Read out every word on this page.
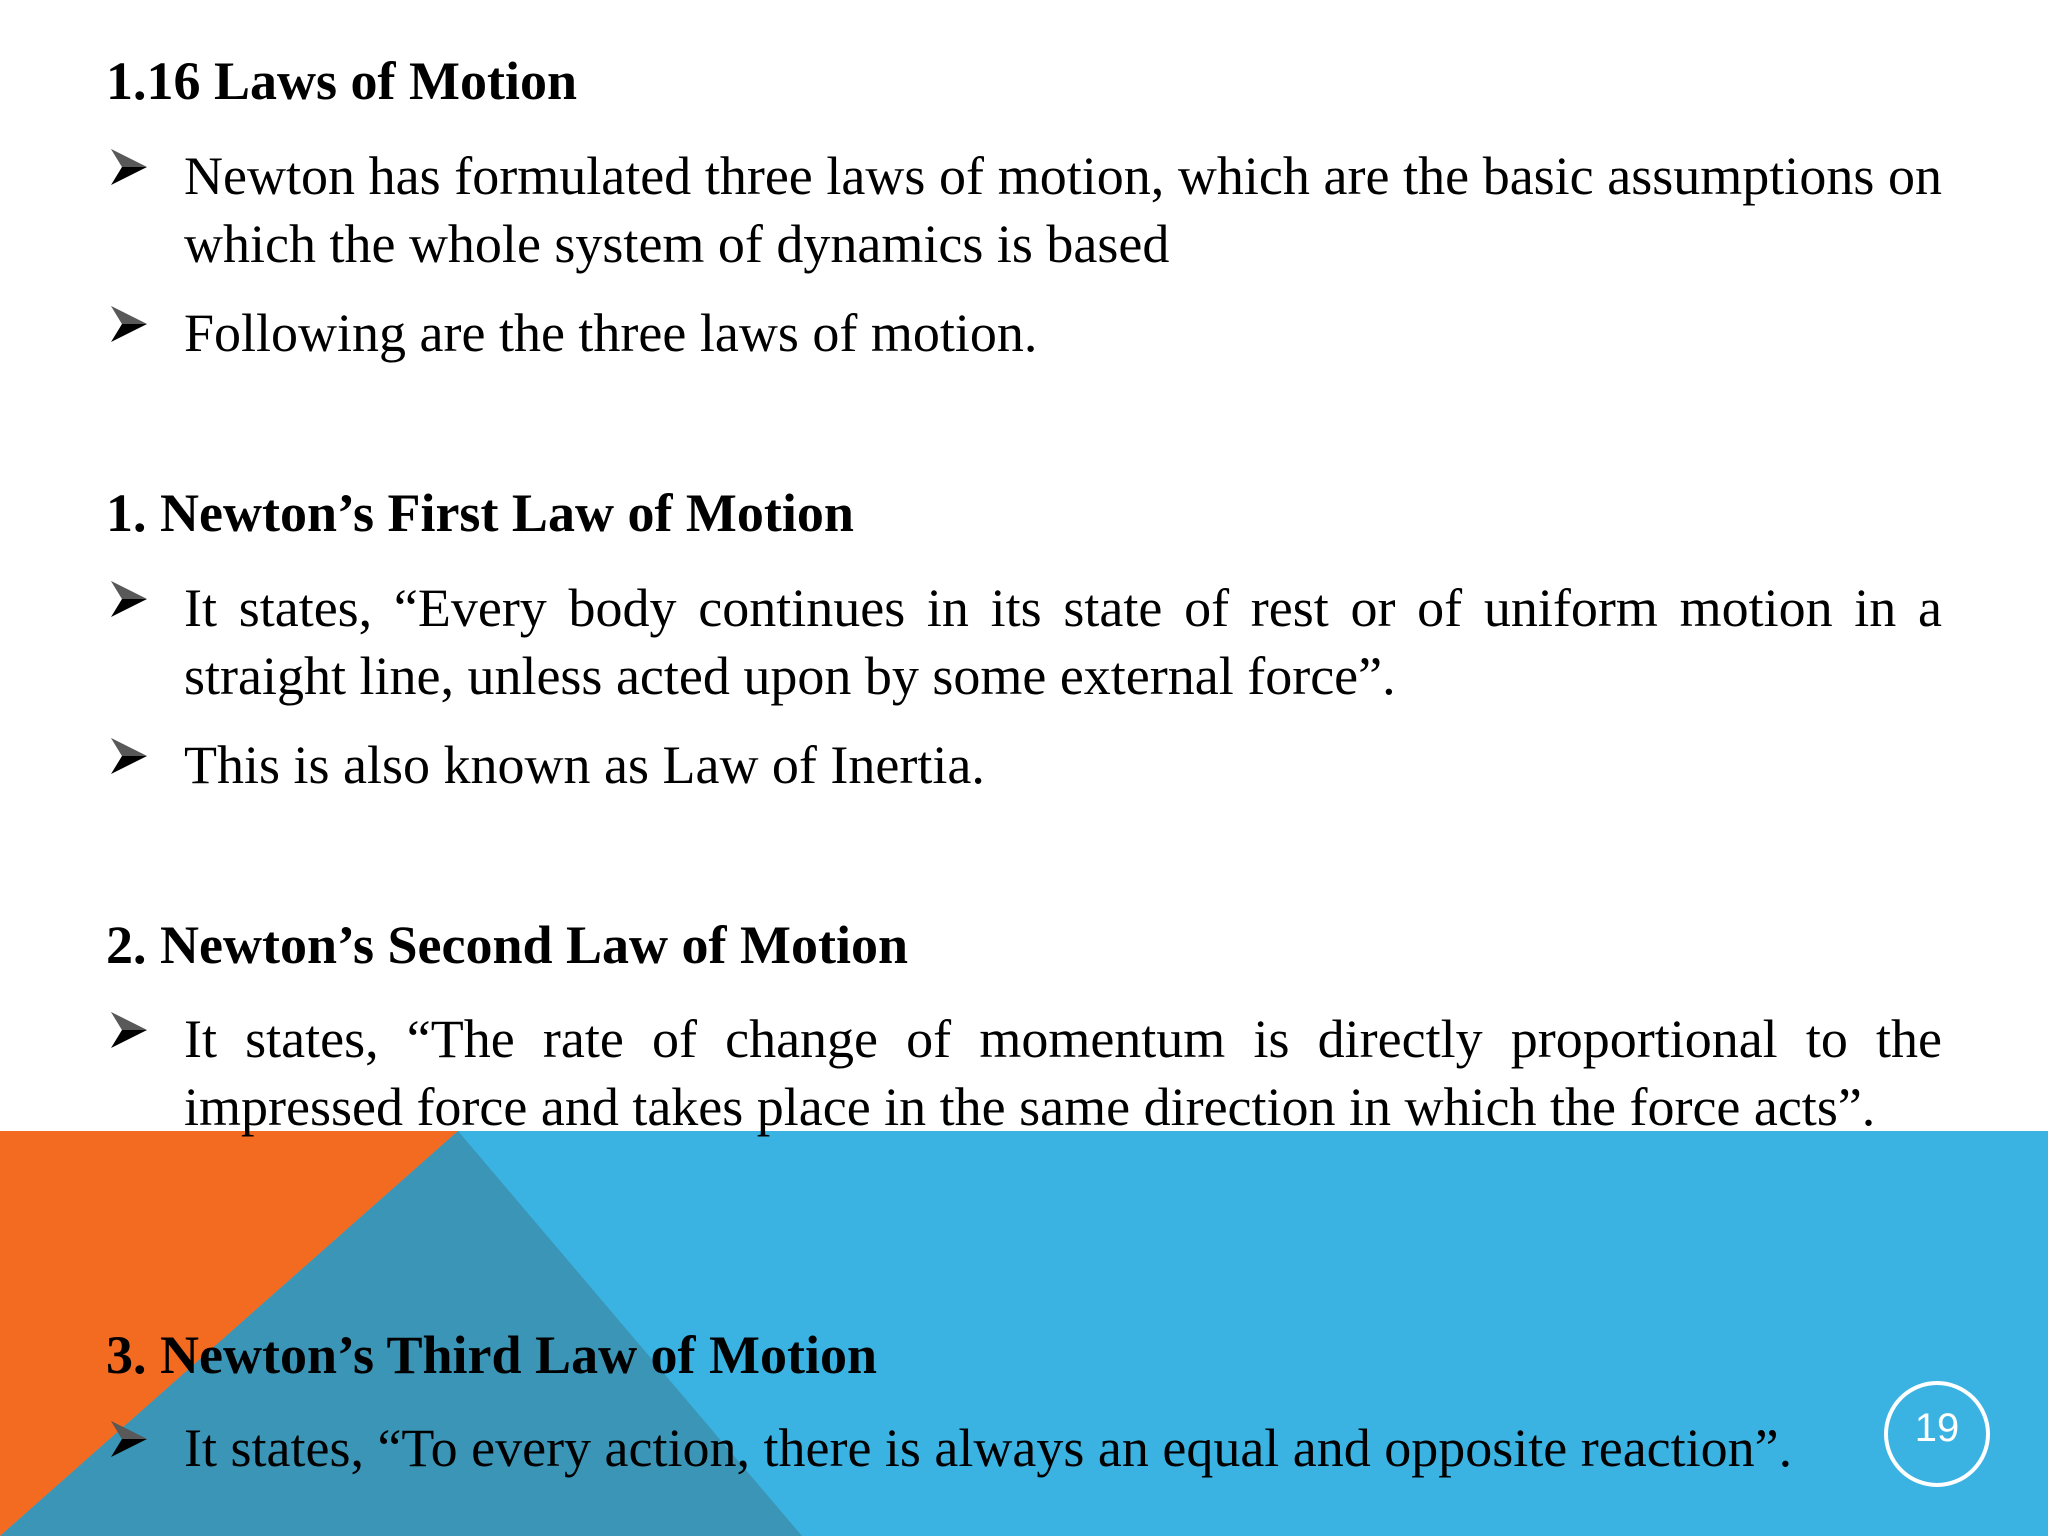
1.16 Laws of Motion
Newton has formulated three laws of motion, which are the basic assumptions on which the whole system of dynamics is based
Following are the three laws of motion.
1. Newton’s First Law of Motion
It states, “Every body continues in its state of rest or of uniform motion in a straight line, unless acted upon by some external force”.
This is also known as Law of Inertia.
2. Newton’s Second Law of Motion
It states, “The rate of change of momentum is directly proportional to the impressed force and takes place in the same direction in which the force acts”.
3. Newton’s Third Law of Motion
It states, “To every action, there is always an equal and opposite reaction”.	19
